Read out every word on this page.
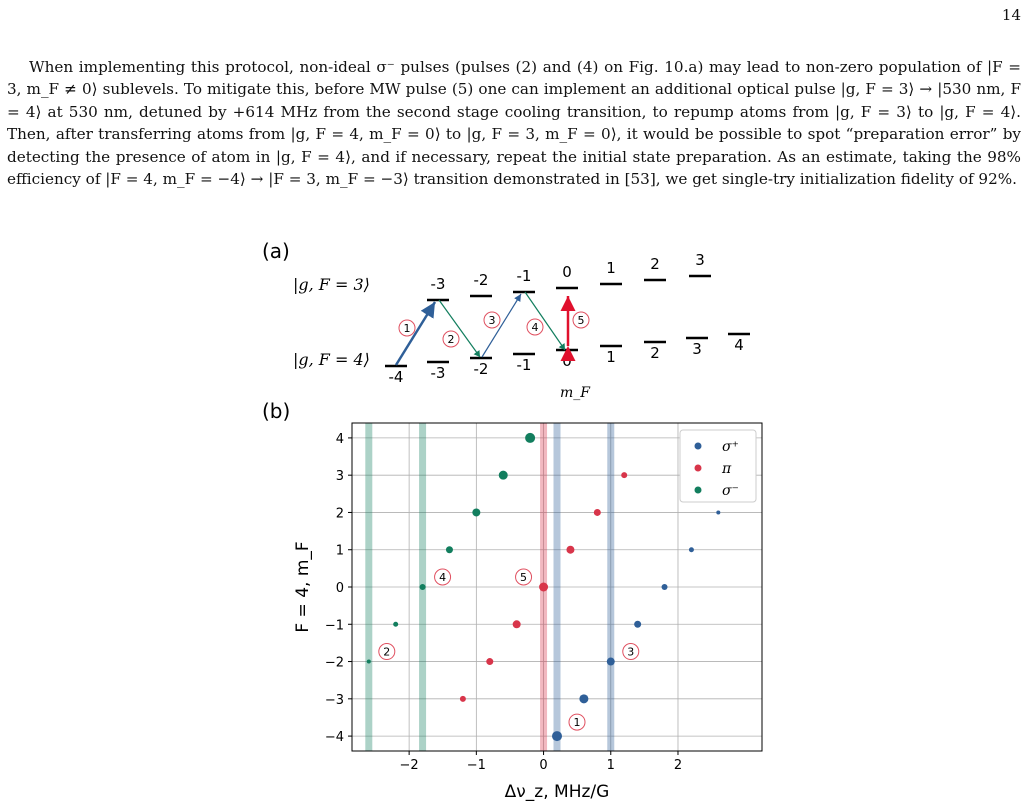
14

When implementing this protocol, non-ideal σ⁻ pulses (pulses (2) and (4) on Fig. 10.a) may lead to non-zero population of |F = 3, m_F ≠ 0⟩ sublevels. To mitigate this, before MW pulse (5) one can implement an additional optical pulse |g, F = 3⟩ → |530 nm, F = 4⟩ at 530 nm, detuned by +614 MHz from the second stage cooling transition, to repump atoms from |g, F = 3⟩ to |g, F = 4⟩. Then, after transferring atoms from |g, F = 4, m_F = 0⟩ to |g, F = 3, m_F = 0⟩, it would be possible to spot “preparation error” by detecting the presence of atom in |g, F = 4⟩, and if necessary, repeat the initial state preparation. As an estimate, taking the 98% efficiency of |F = 4, m_F = −4⟩ → |F = 3, m_F = −3⟩ transition demonstrated in [53], we get single-try initialization fidelity of 92%.

(a)
|g, F = 3⟩
|g, F = 4⟩
-3 -2 -1 0 1 2 3
-4 -3 -2 -1 0 1 2 3 4
m_F
1
2
3
4
5
(b)
−2	−1	0	1	2
−4
−3
−2
−1
0
1
2
3
4
Δν_z, MHz/G
F = 4, m_F
1
2	3
4	5
σ⁺
π
σ⁻
